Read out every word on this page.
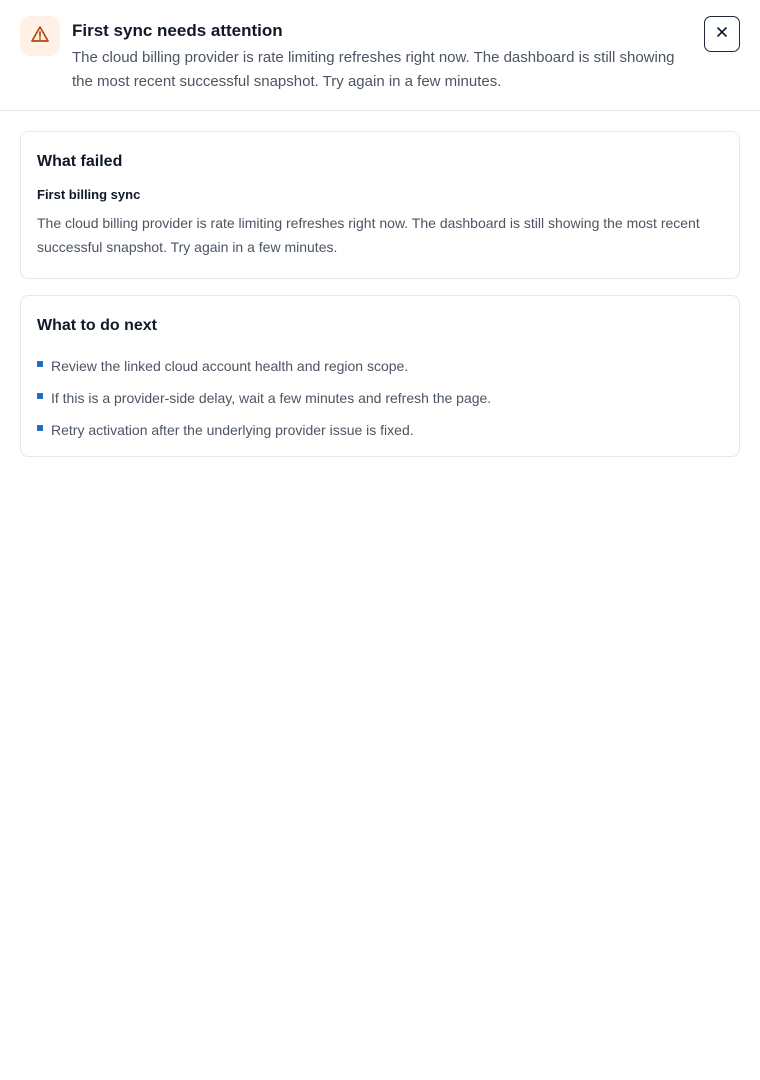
First sync needs attention
The cloud billing provider is rate limiting refreshes right now. The dashboard is still showing the most recent successful snapshot. Try again in a few minutes.
What failed
First billing sync
The cloud billing provider is rate limiting refreshes right now. The dashboard is still showing the most recent successful snapshot. Try again in a few minutes.
What to do next
Review the linked cloud account health and region scope.
If this is a provider-side delay, wait a few minutes and refresh the page.
Retry activation after the underlying provider issue is fixed.
